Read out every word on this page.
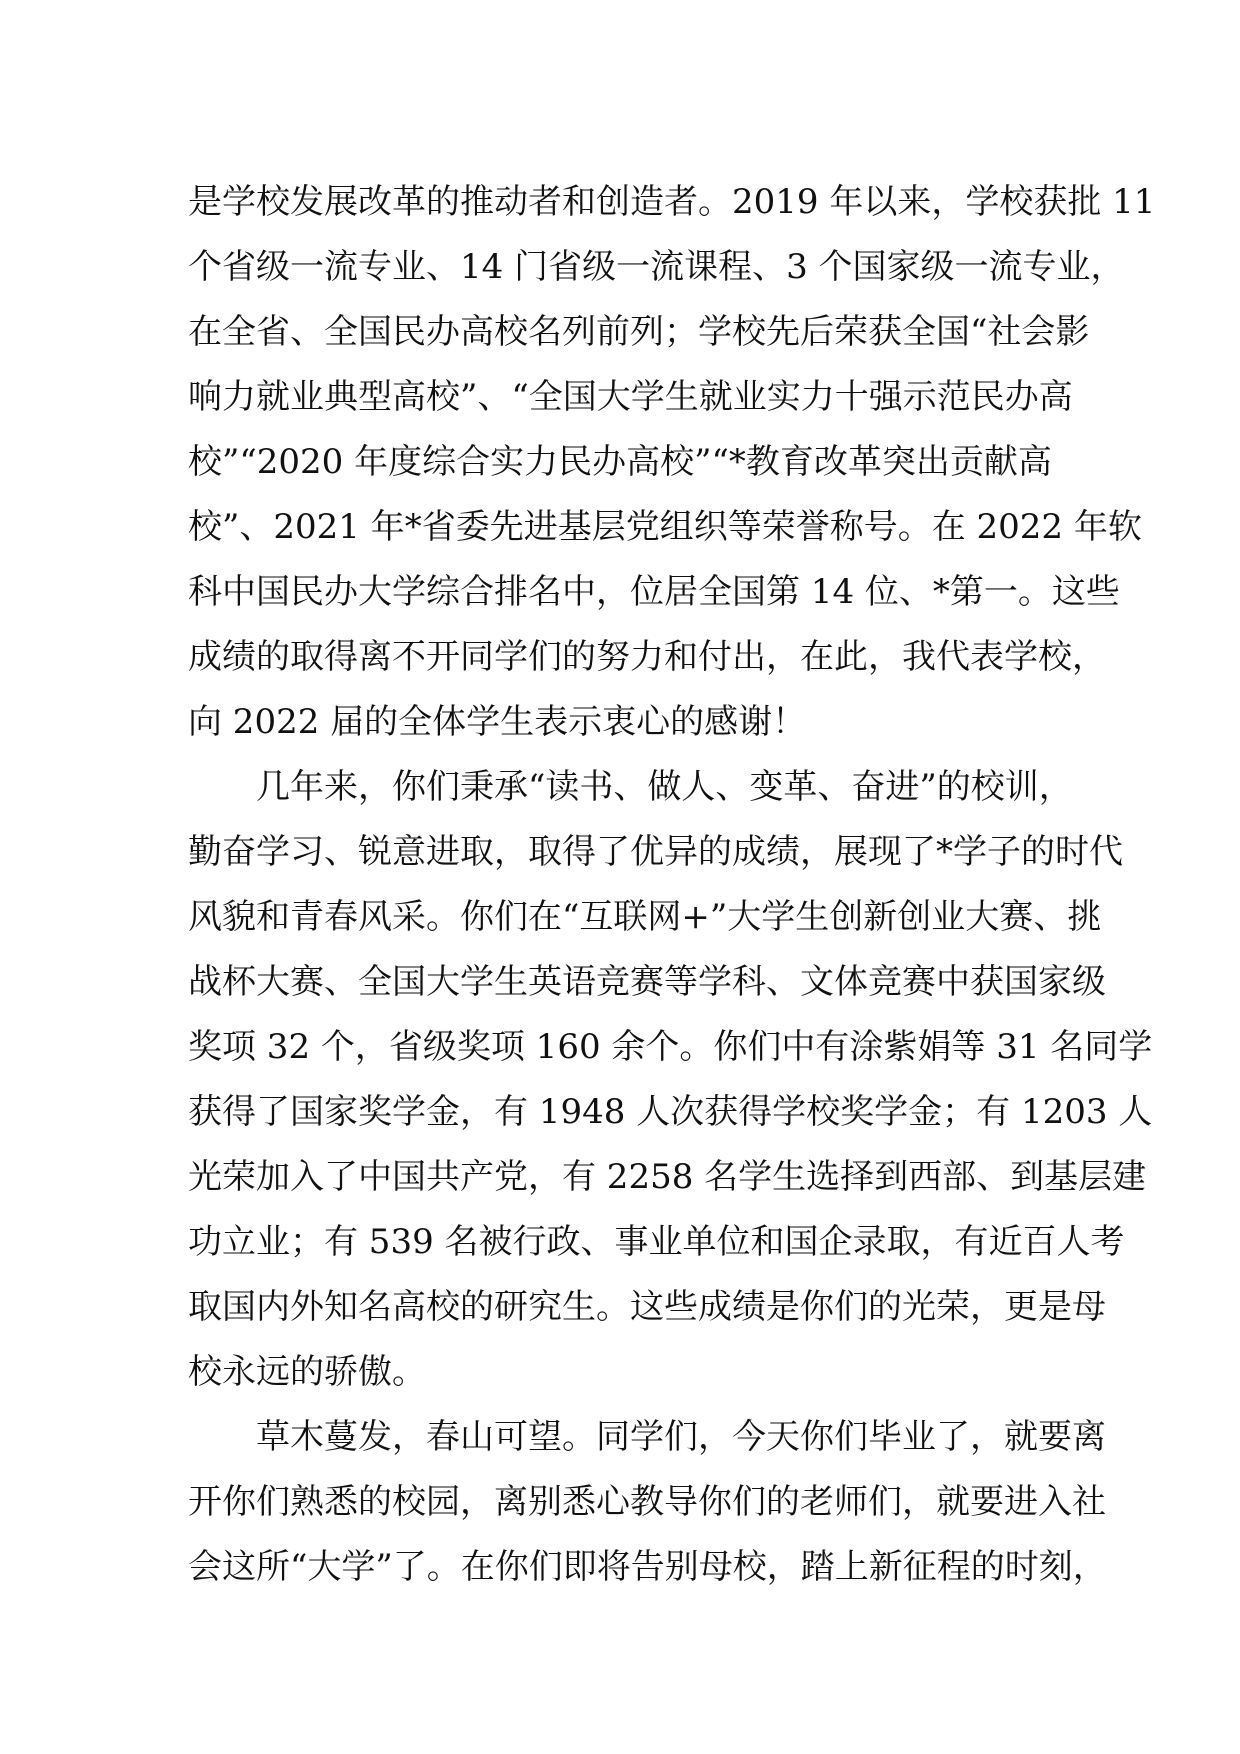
是学校发展改革的推动者和创造者。2019 年以来，学校获批 11
个省级一流专业、14 门省级一流课程、3 个国家级一流专业，
在全省、全国民办高校名列前列；学校先后荣获全国“社会影
响力就业典型高校”、“全国大学生就业实力十强示范民办高
校”“2020 年度综合实力民办高校”“*教育改革突出贡献高
校”、2021 年*省委先进基层党组织等荣誉称号。在 2022 年软
科中国民办大学综合排名中，位居全国第 14 位、*第一。这些
成绩的取得离不开同学们的努力和付出，在此，我代表学校，
向 2022 届的全体学生表示衷心的感谢！
　　几年来，你们秉承“读书、做人、变革、奋进”的校训，
勤奋学习、锐意进取，取得了优异的成绩，展现了*学子的时代
风貌和青春风采。你们在“互联网+”大学生创新创业大赛、挑
战杯大赛、全国大学生英语竞赛等学科、文体竞赛中获国家级
奖项 32 个，省级奖项 160 余个。你们中有涂紫娟等 31 名同学
获得了国家奖学金，有 1948 人次获得学校奖学金；有 1203 人
光荣加入了中国共产党，有 2258 名学生选择到西部、到基层建
功立业；有 539 名被行政、事业单位和国企录取，有近百人考
取国内外知名高校的研究生。这些成绩是你们的光荣，更是母
校永远的骄傲。
　　草木蔓发，春山可望。同学们，今天你们毕业了，就要离
开你们熟悉的校园，离别悉心教导你们的老师们，就要进入社
会这所“大学”了。在你们即将告别母校，踏上新征程的时刻，
